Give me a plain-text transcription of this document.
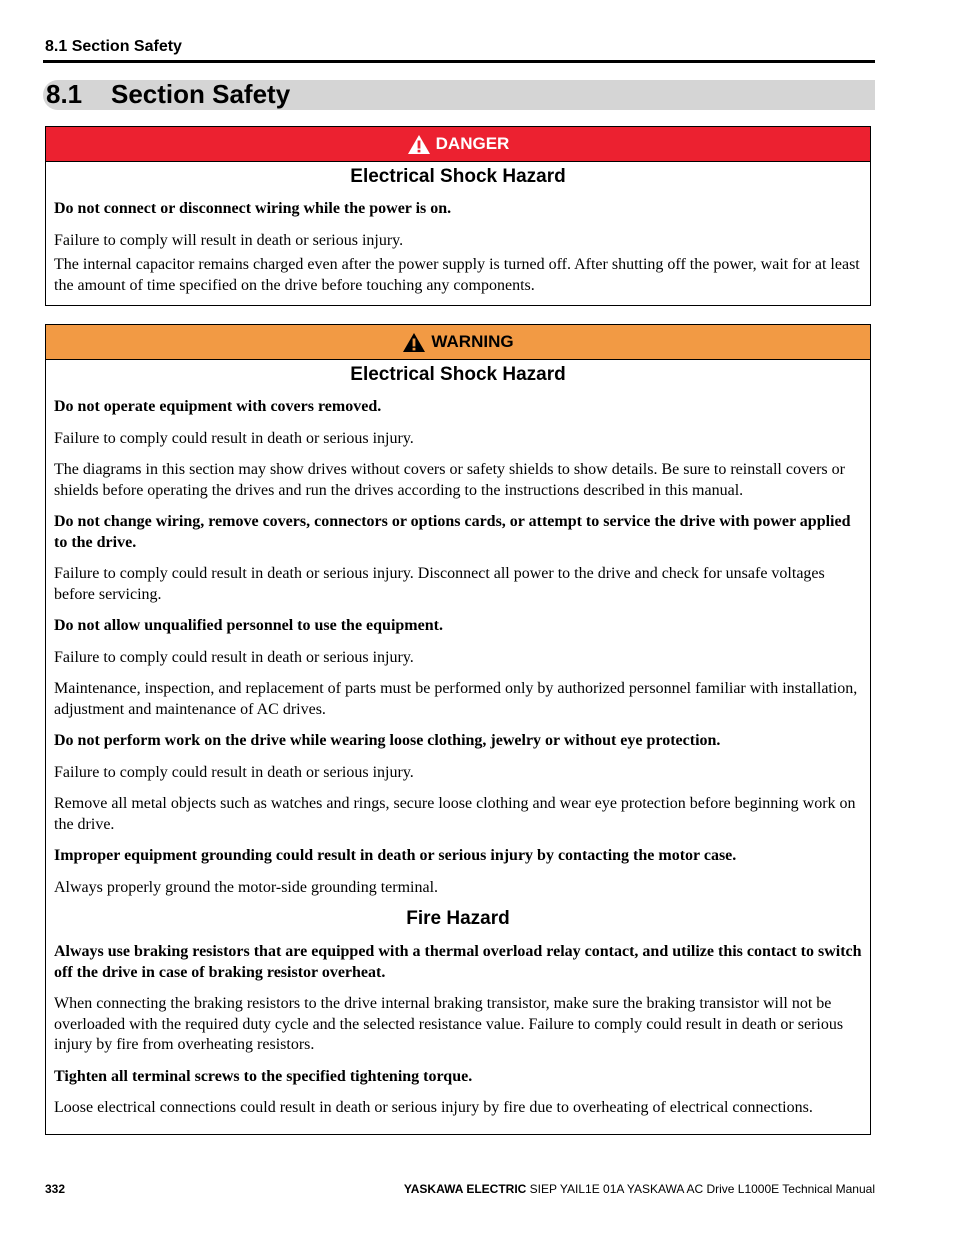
8.1 Section Safety
8.1 Section Safety
DANGER
Electrical Shock Hazard

Do not connect or disconnect wiring while the power is on.

Failure to comply will result in death or serious injury.

The internal capacitor remains charged even after the power supply is turned off. After shutting off the power, wait for at least the amount of time specified on the drive before touching any components.

WARNING
Electrical Shock Hazard

Do not operate equipment with covers removed.

Failure to comply could result in death or serious injury.

The diagrams in this section may show drives without covers or safety shields to show details. Be sure to reinstall covers or shields before operating the drives and run the drives according to the instructions described in this manual.

Do not change wiring, remove covers, connectors or options cards, or attempt to service the drive with power applied to the drive.

Failure to comply could result in death or serious injury. Disconnect all power to the drive and check for unsafe voltages before servicing.

Do not allow unqualified personnel to use the equipment.

Failure to comply could result in death or serious injury.

Maintenance, inspection, and replacement of parts must be performed only by authorized personnel familiar with installation, adjustment and maintenance of AC drives.

Do not perform work on the drive while wearing loose clothing, jewelry or without eye protection.

Failure to comply could result in death or serious injury.

Remove all metal objects such as watches and rings, secure loose clothing and wear eye protection before beginning work on the drive.

Improper equipment grounding could result in death or serious injury by contacting the motor case.

Always properly ground the motor-side grounding terminal.

Fire Hazard

Always use braking resistors that are equipped with a thermal overload relay contact, and utilize this contact to switch off the drive in case of braking resistor overheat.

When connecting the braking resistors to the drive internal braking transistor, make sure the braking transistor will not be overloaded with the required duty cycle and the selected resistance value. Failure to comply could result in death or serious injury by fire from overheating resistors.

Tighten all terminal screws to the specified tightening torque.

Loose electrical connections could result in death or serious injury by fire due to overheating of electrical connections.

332	YASKAWA ELECTRIC SIEP YAIL1E 01A YASKAWA AC Drive L1000E Technical Manual
